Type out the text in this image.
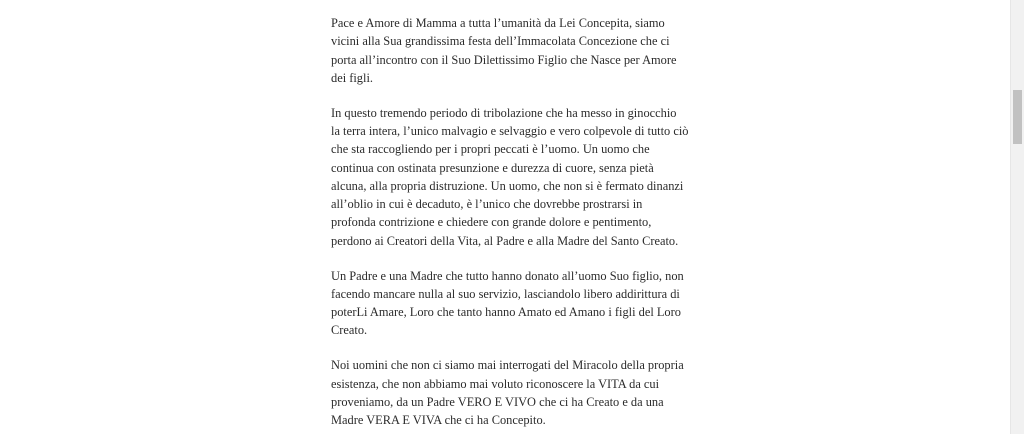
Pace e Amore di Mamma a tutta l’umanità da Lei Concepita, siamo
vicini alla Sua grandissima festa dell’Immacolata Concezione che ci
porta all’incontro con il Suo Dilettissimo Figlio che Nasce per Amore
dei figli.

In questo tremendo periodo di tribolazione che ha messo in ginocchio
la terra intera, l’unico malvagio e selvaggio e vero colpevole di tutto ciò
che sta raccogliendo per i propri peccati è l’uomo. Un uomo che
continua con ostinata presunzione e durezza di cuore, senza pietà
alcuna, alla propria distruzione. Un uomo, che non si è fermato dinanzi
all’oblio in cui è decaduto, è l’unico che dovrebbe prostrarsi in
profonda contrizione e chiedere con grande dolore e pentimento,
perdono ai Creatori della Vita, al Padre e alla Madre del Santo Creato.

Un Padre e una Madre che tutto hanno donato all’uomo Suo figlio, non
facendo mancare nulla al suo servizio, lasciandolo libero addirittura di
poterLi Amare, Loro che tanto hanno Amato ed Amano i figli del Loro
Creato.

Noi uomini che non ci siamo mai interrogati del Miracolo della propria
esistenza, che non abbiamo mai voluto riconoscere la VITA da cui
proveniamo, da un Padre VERO E VIVO che ci ha Creato e da una
Madre VERA E VIVA che ci ha Concepito.
